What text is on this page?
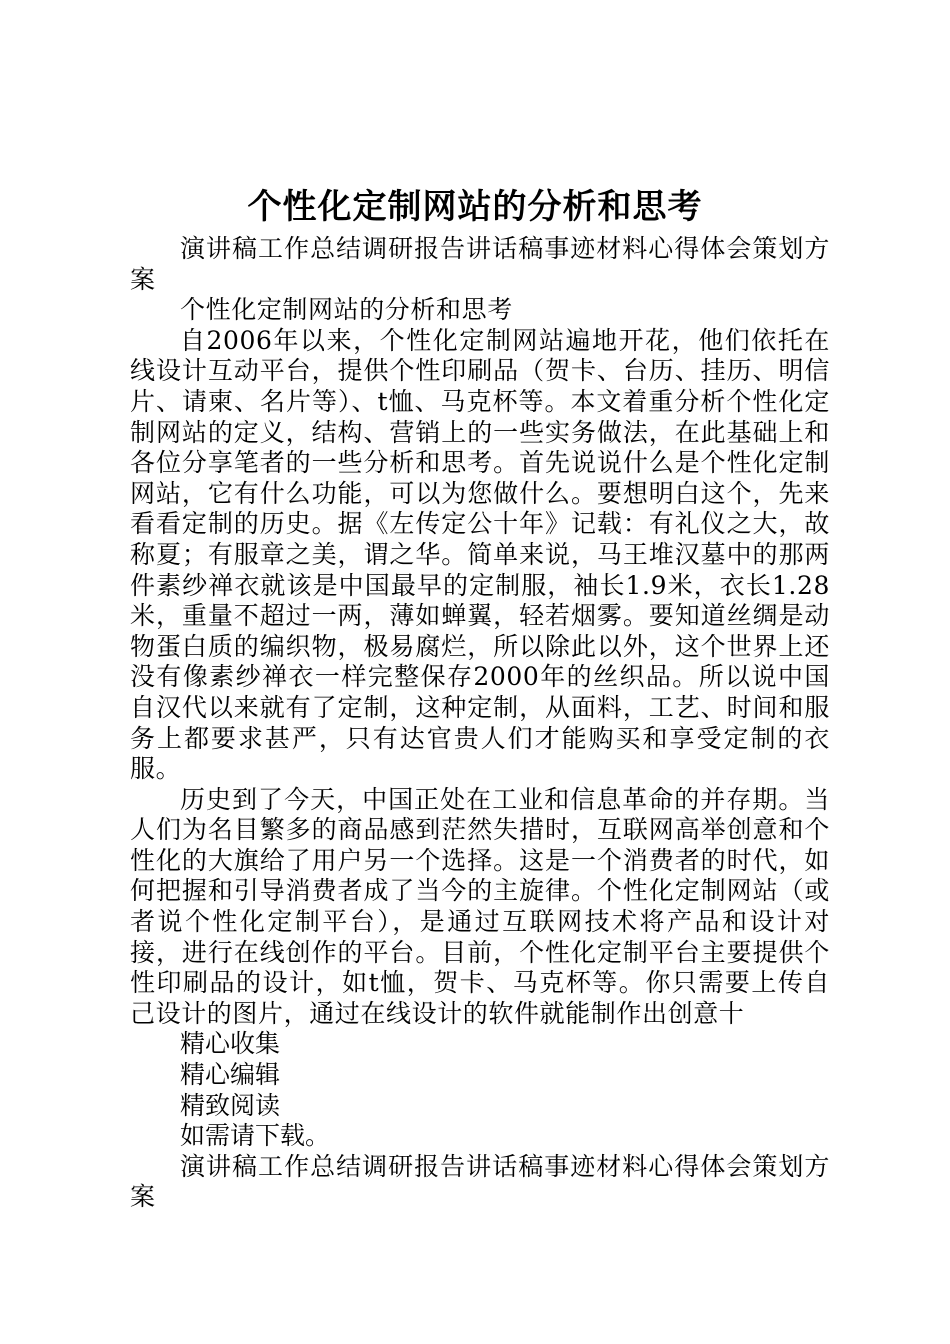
个性化定制网站的分析和思考

演讲稿工作总结调研报告讲话稿事迹材料心得体会策划方案

个性化定制网站的分析和思考

自2006年以来，个性化定制网站遍地开花，他们依托在线设计互动平台，提供个性印刷品（贺卡、台历、挂历、明信片、请柬、名片等）、t恤、马克杯等。本文着重分析个性化定制网站的定义，结构、营销上的一些实务做法，在此基础上和各位分享笔者的一些分析和思考。首先说说什么是个性化定制网站，它有什么功能，可以为您做什么。要想明白这个，先来看看定制的历史。据《左传定公十年》记载：有礼仪之大，故称夏；有服章之美，谓之华。简单来说，马王堆汉墓中的那两件素纱禅衣就该是中国最早的定制服，袖长1.9米，衣长1.28米，重量不超过一两，薄如蝉翼，轻若烟雾。要知道丝绸是动物蛋白质的编织物，极易腐烂，所以除此以外，这个世界上还没有像素纱禅衣一样完整保存2000年的丝织品。所以说中国自汉代以来就有了定制，这种定制，从面料，工艺、时间和服务上都要求甚严，只有达官贵人们才能购买和享受定制的衣服。

历史到了今天，中国正处在工业和信息革命的并存期。当人们为名目繁多的商品感到茫然失措时，互联网高举创意和个性化的大旗给了用户另一个选择。这是一个消费者的时代，如何把握和引导消费者成了当今的主旋律。个性化定制网站（或者说个性化定制平台），是通过互联网技术将产品和设计对接，进行在线创作的平台。目前，个性化定制平台主要提供个性印刷品的设计，如t恤，贺卡、马克杯等。你只需要上传自己设计的图片，通过在线设计的软件就能制作出创意十

精心收集

精心编辑

精致阅读

如需请下载。

演讲稿工作总结调研报告讲话稿事迹材料心得体会策划方案
